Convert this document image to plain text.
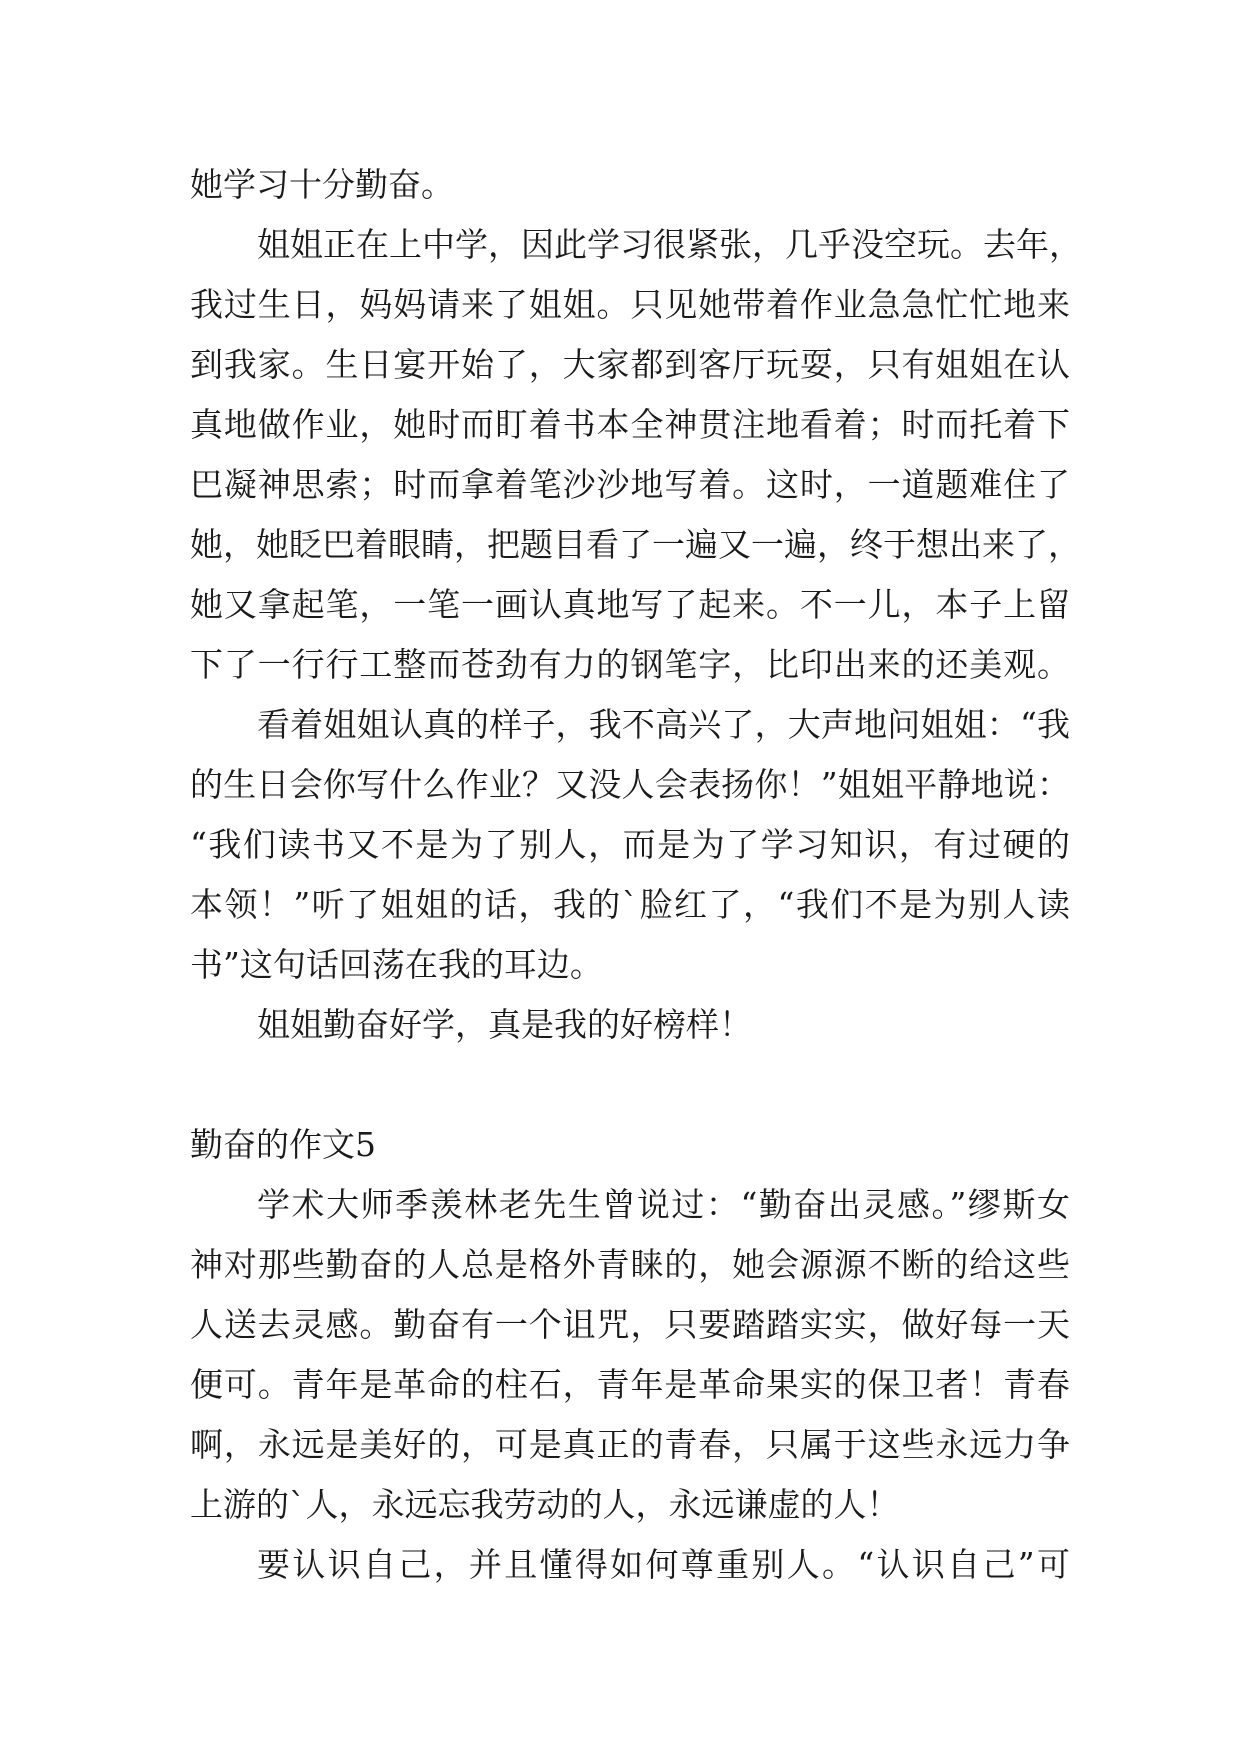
她学习十分勤奋。

姐姐正在上中学，因此学习很紧张，几乎没空玩。去年，

我过生日，妈妈请来了姐姐。只见她带着作业急急忙忙地来

到我家。生日宴开始了，大家都到客厅玩耍，只有姐姐在认

真地做作业，她时而盯着书本全神贯注地看着；时而托着下

巴凝神思索；时而拿着笔沙沙地写着。这时，一道题难住了

她，她眨巴着眼睛，把题目看了一遍又一遍，终于想出来了，

她又拿起笔，一笔一画认真地写了起来。不一儿，本子上留

下了一行行工整而苍劲有力的钢笔字，比印出来的还美观。

看着姐姐认真的样子，我不高兴了，大声地问姐姐：“我

的生日会你写什么作业？又没人会表扬你！”姐姐平静地说：

“我们读书又不是为了别人，而是为了学习知识，有过硬的

本领！”听了姐姐的话，我的`脸红了，“我们不是为别人读

书”这句话回荡在我的耳边。

姐姐勤奋好学，真是我的好榜样！

勤奋的作文5

学术大师季羡林老先生曾说过：“勤奋出灵感。”缪斯女

神对那些勤奋的人总是格外青睐的，她会源源不断的给这些

人送去灵感。勤奋有一个诅咒，只要踏踏实实，做好每一天

便可。青年是革命的柱石，青年是革命果实的保卫者！青春

啊，永远是美好的，可是真正的青春，只属于这些永远力争

上游的`人，永远忘我劳动的人，永远谦虚的人！

要认识自己，并且懂得如何尊重别人。“认识自己”可
